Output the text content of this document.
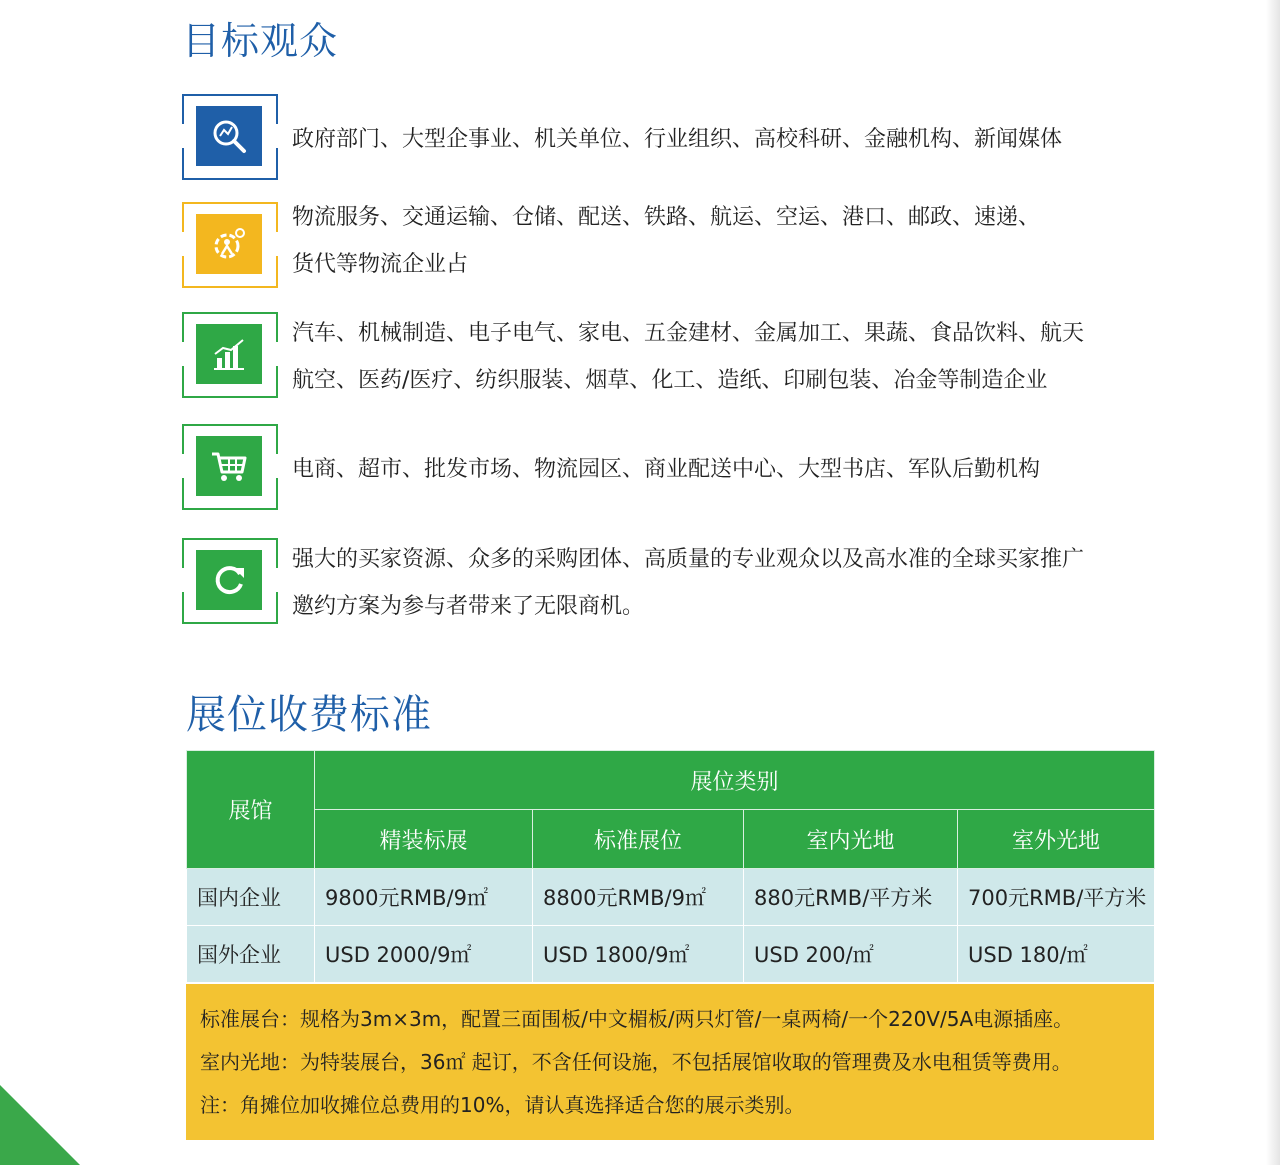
目标观众
政府部门、大型企事业、机关单位、行业组织、高校科研、金融机构、新闻媒体
物流服务、交通运输、仓储、配送、铁路、航运、空运、港口、邮政、速递、
货代等物流企业占
汽车、机械制造、电子电气、家电、五金建材、金属加工、果蔬、食品饮料、航天
航空、医药/医疗、纺织服装、烟草、化工、造纸、印刷包装、冶金等制造企业
电商、超市、批发市场、物流园区、商业配送中心、大型书店、军队后勤机构
强大的买家资源、众多的采购团体、高质量的专业观众以及高水准的全球买家推广
邀约方案为参与者带来了无限商机。
展位收费标准
展馆	展位类别			
	精装标展	标准展位	室内光地	室外光地
国内企业	9800元RMB/9㎡	8800元RMB/9㎡	880元RMB/平方米	700元RMB/平方米
国外企业	USD 2000/9㎡	USD 1800/9㎡	USD 200/㎡	USD 180/㎡
标准展台：规格为3m×3m，配置三面围板/中文楣板/两只灯管/一桌两椅/一个220V/5A电源插座。
室内光地：为特装展台，36㎡ 起订，不含任何设施，不包括展馆收取的管理费及水电租赁等费用。
注：角摊位加收摊位总费用的10%，请认真选择适合您的展示类别。
